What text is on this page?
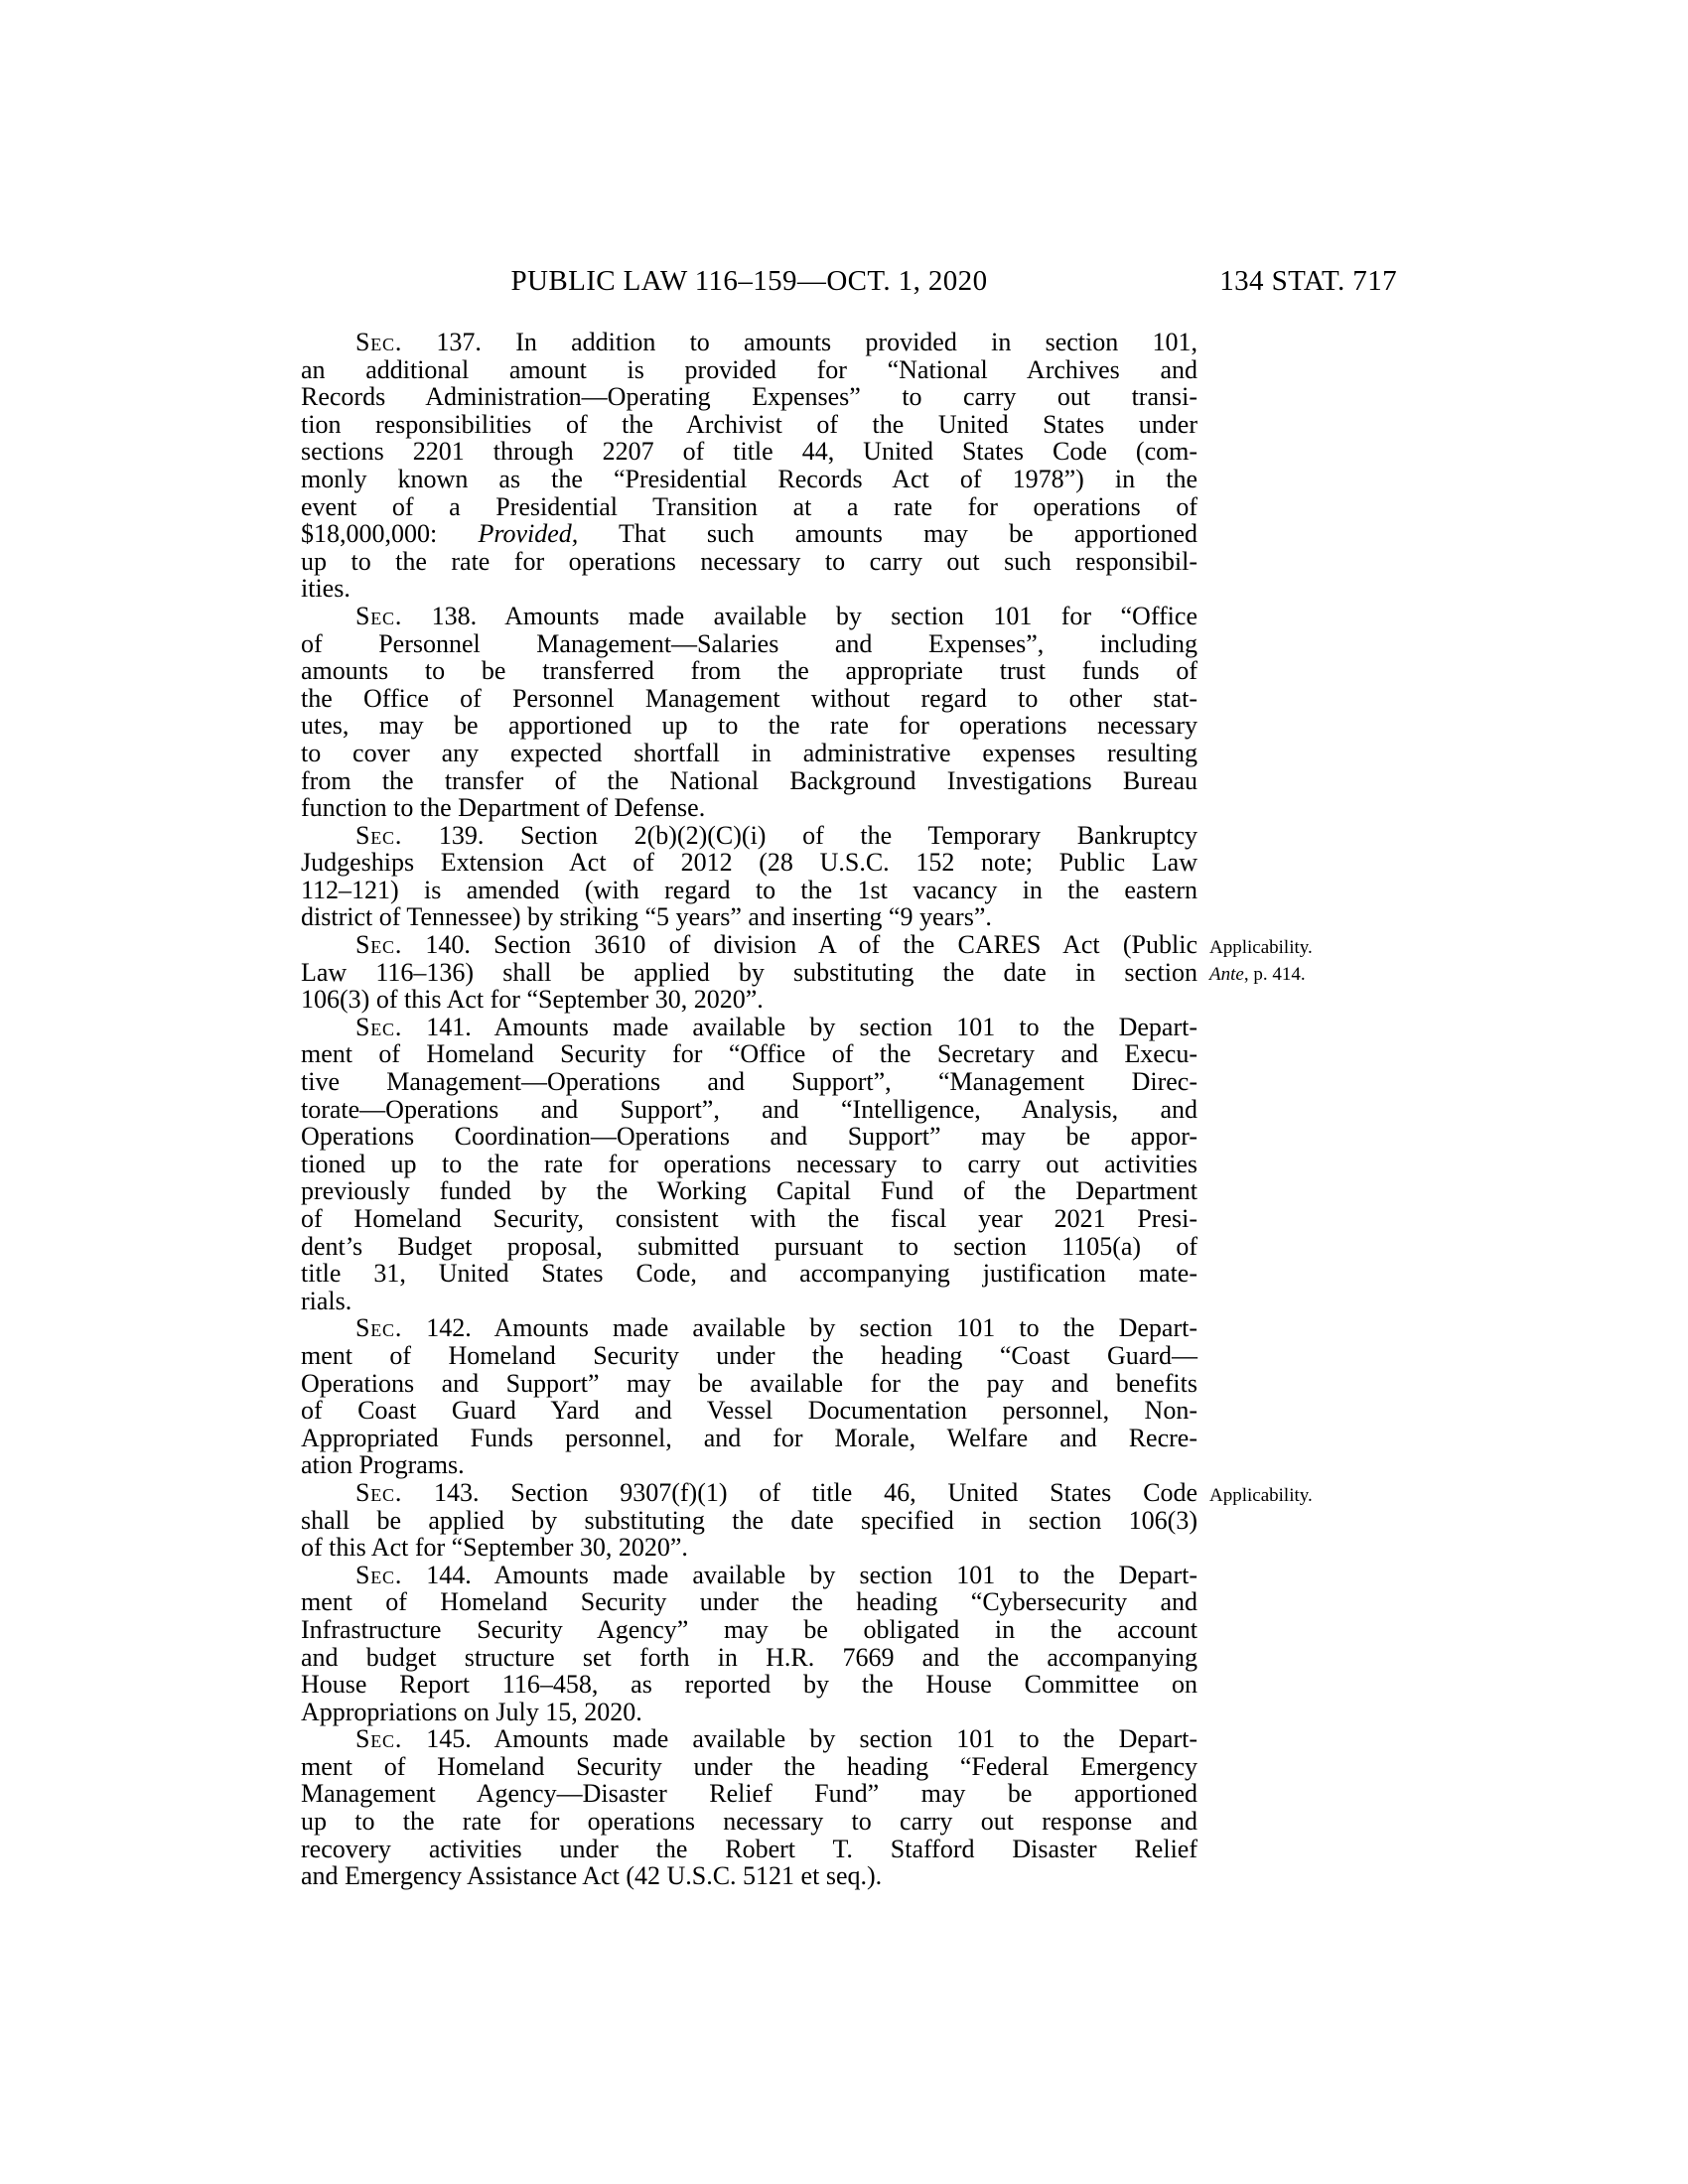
PUBLIC LAW 116–159—OCT. 1, 2020	134 STAT. 717
Sec. 137. In addition to amounts provided in section 101,
an additional amount is provided for “National Archives and
Records Administration—Operating Expenses” to carry out transi-
tion responsibilities of the Archivist of the United States under
sections 2201 through 2207 of title 44, United States Code (com-
monly known as the “Presidential Records Act of 1978”) in the
event of a Presidential Transition at a rate for operations of
$18,000,000: Provided, That such amounts may be apportioned
up to the rate for operations necessary to carry out such responsibil-
ities.
Sec. 138. Amounts made available by section 101 for “Office
of Personnel Management—Salaries and Expenses”, including
amounts to be transferred from the appropriate trust funds of
the Office of Personnel Management without regard to other stat-
utes, may be apportioned up to the rate for operations necessary
to cover any expected shortfall in administrative expenses resulting
from the transfer of the National Background Investigations Bureau
function to the Department of Defense.
Sec. 139. Section 2(b)(2)(C)(i) of the Temporary Bankruptcy
Judgeships Extension Act of 2012 (28 U.S.C. 152 note; Public Law
112–121) is amended (with regard to the 1st vacancy in the eastern
district of Tennessee) by striking “5 years” and inserting “9 years”.
Sec. 140. Section 3610 of division A of the CARES Act (Public
Law 116–136) shall be applied by substituting the date in section
106(3) of this Act for “September 30, 2020”.
Applicability.
Ante, p. 414.
Sec. 141. Amounts made available by section 101 to the Depart-
ment of Homeland Security for “Office of the Secretary and Execu-
tive Management—Operations and Support”, “Management Direc-
torate—Operations and Support”, and “Intelligence, Analysis, and
Operations Coordination—Operations and Support” may be appor-
tioned up to the rate for operations necessary to carry out activities
previously funded by the Working Capital Fund of the Department
of Homeland Security, consistent with the fiscal year 2021 Presi-
dent’s Budget proposal, submitted pursuant to section 1105(a) of
title 31, United States Code, and accompanying justification mate-
rials.
Sec. 142. Amounts made available by section 101 to the Depart-
ment of Homeland Security under the heading “Coast Guard—
Operations and Support” may be available for the pay and benefits
of Coast Guard Yard and Vessel Documentation personnel, Non-
Appropriated Funds personnel, and for Morale, Welfare and Recre-
ation Programs.
Sec. 143. Section 9307(f)(1) of title 46, United States Code
shall be applied by substituting the date specified in section 106(3)
of this Act for “September 30, 2020”.
Applicability.
Sec. 144. Amounts made available by section 101 to the Depart-
ment of Homeland Security under the heading “Cybersecurity and
Infrastructure Security Agency” may be obligated in the account
and budget structure set forth in H.R. 7669 and the accompanying
House Report 116–458, as reported by the House Committee on
Appropriations on July 15, 2020.
Sec. 145. Amounts made available by section 101 to the Depart-
ment of Homeland Security under the heading “Federal Emergency
Management Agency—Disaster Relief Fund” may be apportioned
up to the rate for operations necessary to carry out response and
recovery activities under the Robert T. Stafford Disaster Relief
and Emergency Assistance Act (42 U.S.C. 5121 et seq.).
